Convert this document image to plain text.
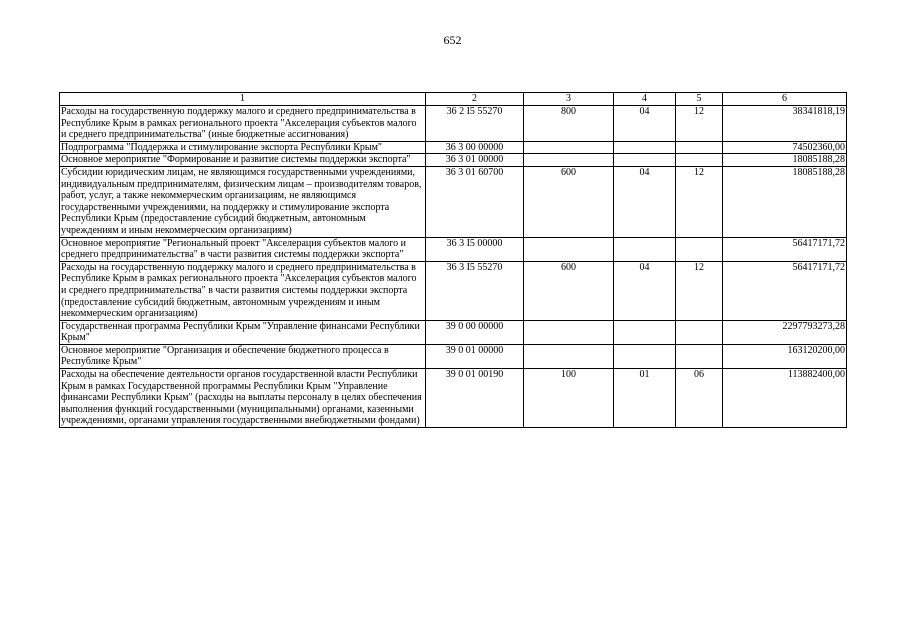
652
1	2	3	4	5	6
Расходы на государственную поддержку малого и среднего предпринимательства в Республике Крым в рамках регионального проекта "Акселерация субъектов малого и среднего предпринимательства" (иные бюджетные ассигнования)	36 2 I5 55270	800	04	12	38341818,19
Подпрограмма "Поддержка и стимулирование экспорта Республики Крым"	36 3 00 00000				74502360,00
Основное мероприятие "Формирование и развитие системы поддержки экспорта"	36 3 01 00000				18085188,28
Субсидии юридическим лицам, не являющимся государственными учреждениями, индивидуальным предпринимателям, физическим лицам – производителям товаров, работ, услуг, а также некоммерческим организациям, не являющимся государственными учреждениями, на поддержку и стимулирование экспорта Республики Крым (предоставление субсидий бюджетным, автономным учреждениям и иным некоммерческим организациям)	36 3 01 60700	600	04	12	18085188,28
Основное мероприятие "Региональный проект "Акселерация субъектов малого и среднего предпринимательства" в части развития системы поддержки экспорта"	36 3 I5 00000				56417171,72
Расходы на государственную поддержку малого и среднего предпринимательства в Республике Крым в рамках регионального проекта "Акселерация субъектов малого и среднего предпринимательства" в части развития системы поддержки экспорта (предоставление субсидий бюджетным, автономным учреждениям и иным некоммерческим организациям)	36 3 I5 55270	600	04	12	56417171,72
Государственная программа Республики Крым "Управление финансами Республики Крым"	39 0 00 00000				2297793273,28
Основное мероприятие "Организация и обеспечение бюджетного процесса в Республике Крым"	39 0 01 00000				163120200,00
Расходы на обеспечение деятельности органов государственной власти Республики Крым в рамках Государственной программы Республики Крым "Управление финансами Республики Крым" (расходы на выплаты персоналу в целях обеспечения выполнения функций государственными (муниципальными) органами, казенными учреждениями, органами управления государственными внебюджетными фондами)	39 0 01 00190	100	01	06	113882400,00
